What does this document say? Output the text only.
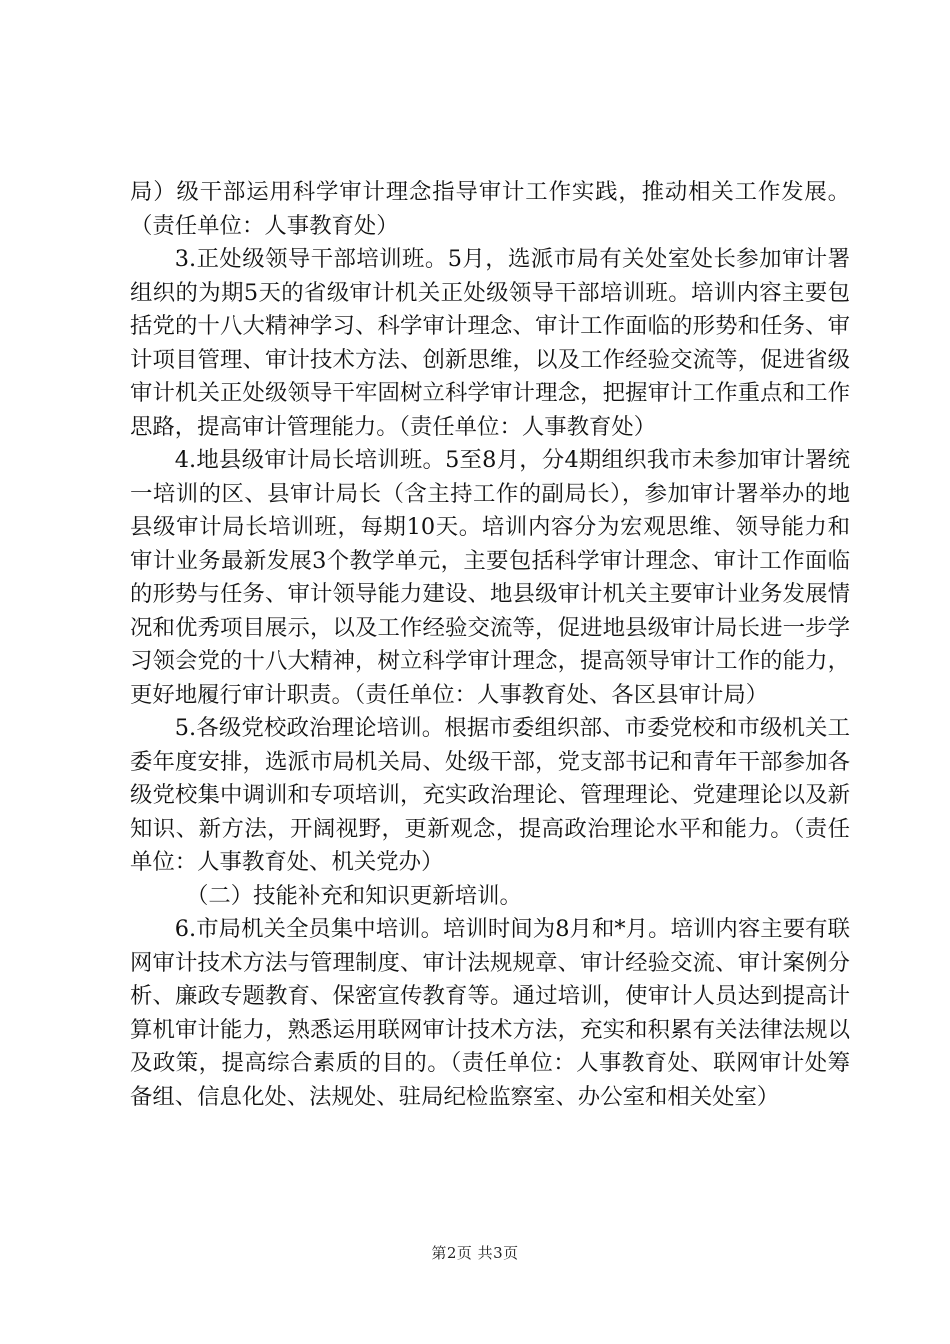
局）级干部运用科学审计理念指导审计工作实践，推动相关工作发展。（责任单位：人事教育处）

3.正处级领导干部培训班。5月，选派市局有关处室处长参加审计署组织的为期5天的省级审计机关正处级领导干部培训班。培训内容主要包括党的十八大精神学习、科学审计理念、审计工作面临的形势和任务、审计项目管理、审计技术方法、创新思维，以及工作经验交流等，促进省级审计机关正处级领导干牢固树立科学审计理念，把握审计工作重点和工作思路，提高审计管理能力。（责任单位：人事教育处）

4.地县级审计局长培训班。5至8月，分4期组织我市未参加审计署统一培训的区、县审计局长（含主持工作的副局长），参加审计署举办的地县级审计局长培训班，每期10天。培训内容分为宏观思维、领导能力和审计业务最新发展3个教学单元，主要包括科学审计理念、审计工作面临的形势与任务、审计领导能力建设、地县级审计机关主要审计业务发展情况和优秀项目展示，以及工作经验交流等，促进地县级审计局长进一步学习领会党的十八大精神，树立科学审计理念，提高领导审计工作的能力，更好地履行审计职责。（责任单位：人事教育处、各区县审计局）

5.各级党校政治理论培训。根据市委组织部、市委党校和市级机关工委年度安排，选派市局机关局、处级干部，党支部书记和青年干部参加各级党校集中调训和专项培训，充实政治理论、管理理论、党建理论以及新知识、新方法，开阔视野，更新观念，提高政治理论水平和能力。（责任单位：人事教育处、机关党办）

（二）技能补充和知识更新培训。

6.市局机关全员集中培训。培训时间为8月和*月。培训内容主要有联网审计技术方法与管理制度、审计法规规章、审计经验交流、审计案例分析、廉政专题教育、保密宣传教育等。通过培训，使审计人员达到提高计算机审计能力，熟悉运用联网审计技术方法，充实和积累有关法律法规以及政策，提高综合素质的目的。（责任单位：人事教育处、联网审计处筹备组、信息化处、法规处、驻局纪检监察室、办公室和相关处室）

第2页 共3页
